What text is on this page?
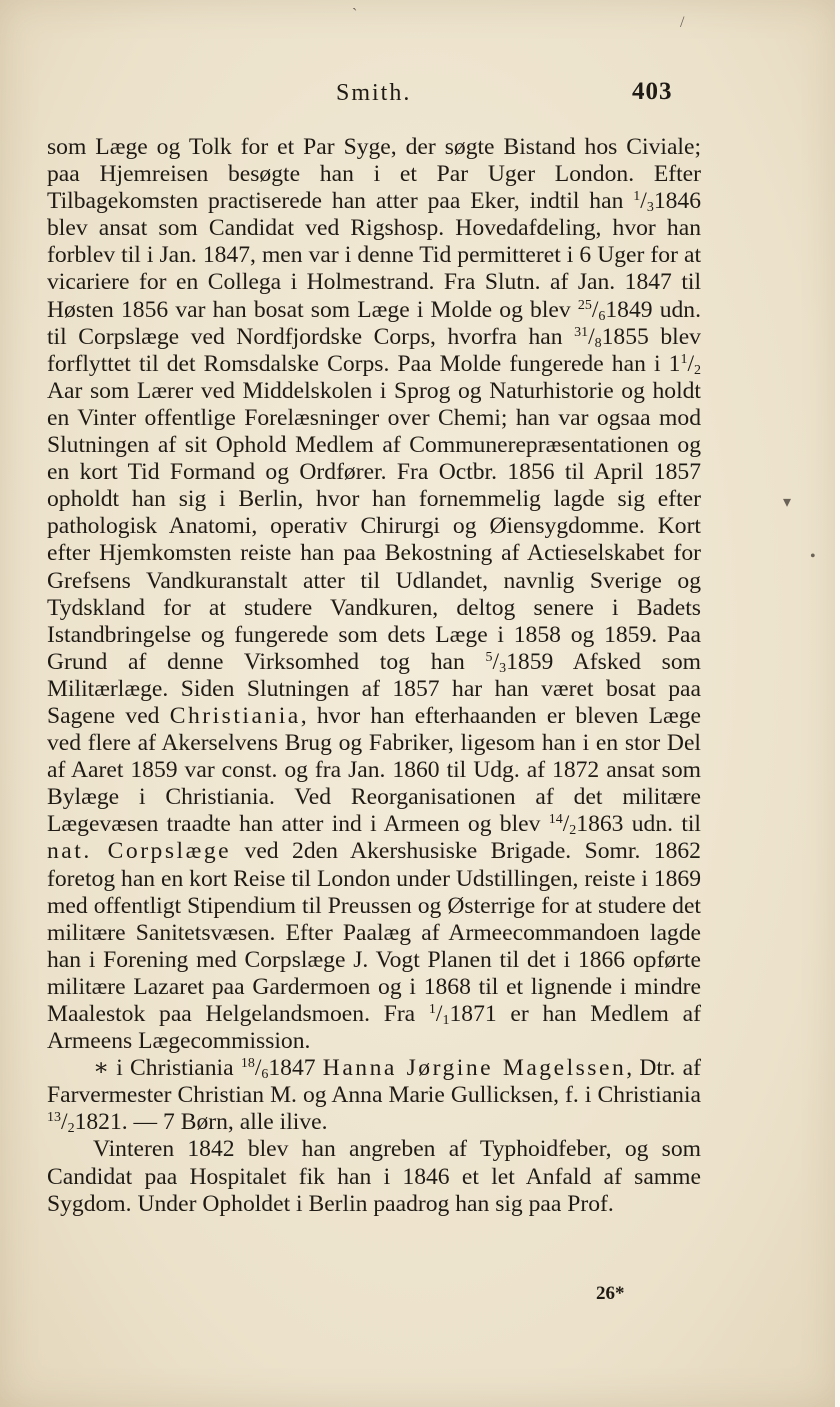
`	/
▾
•
Smith.	403

som Læge og Tolk for et Par Syge, der søgte Bistand hos Civiale; paa Hjemreisen besøgte han i et Par Uger London. Efter Tilbagekomsten practiserede han atter paa Eker, indtil han $^1/_31846$ blev ansat som Candidat ved Rigshosp. Hovedafdeling, hvor han forblev til i Jan. 1847, men var i denne Tid permitteret i 6 Uger for at vicariere for en Collega i Holmestrand. Fra Slutn. af Jan. 1847 til Høsten 1856 var han bosat som Læge i Molde og blev $^{25}/_61849$ udn. til Corpslæge ved Nordfjordske Corps, hvorfra han $^{31}/_81855$ blev forflyttet til det Romsdalske Corps. Paa Molde fungerede han i $1^1/_2$ Aar som Lærer ved Middelskolen i Sprog og Naturhistorie og holdt en Vinter offentlige Forelæsninger over Chemi; han var ogsaa mod Slutningen af sit Ophold Medlem af Communerepræsentationen og en kort Tid Formand og Ordfører. Fra Octbr. 1856 til April 1857 opholdt han sig i Berlin, hvor han fornemmelig lagde sig efter pathologisk Anatomi, operativ Chirurgi og Øiensygdomme. Kort efter Hjemkomsten reiste han paa Bekostning af Actieselskabet for Grefsens Vandkuranstalt atter til Udlandet, navnlig Sverige og Tydskland for at studere Vandkuren, deltog senere i Badets Istandbringelse og fungerede som dets Læge i 1858 og 1859. Paa Grund af denne Virksomhed tog han $^5/_31859$ Afsked som Militærlæge. Siden Slutningen af 1857 har han været bosat paa Sagene ved Christiania, hvor han efterhaanden er bleven Læge ved flere af Akerselvens Brug og Fabriker, ligesom han i en stor Del af Aaret 1859 var const. og fra Jan. 1860 til Udg. af 1872 ansat som Bylæge i Christiania. Ved Reorganisationen af det militære Lægevæsen traadte han atter ind i Armeen og blev $^{14}/_21863$ udn. til nat. Corpslæge ved 2den Akershusiske Brigade. Somr. 1862 foretog han en kort Reise til London under Udstillingen, reiste i 1869 med offentligt Stipendium til Preussen og Østerrige for at studere det militære Sanitetsvæsen. Efter Paalæg af Armeecommandoen lagde han i Forening med Corpslæge J. Vogt Planen til det i 1866 opførte militære Lazaret paa Gardermoen og i 1868 til et lignende i mindre Maalestok paa Helgelandsmoen. Fra $^1/_11871$ er han Medlem af Armeens Lægecommission.

∗ i Christiania $^{18}/_61847$ Hanna Jørgine Magelssen, Dtr. af Farvermester Christian M. og Anna Marie Gullicksen, f. i Christiania $^{13}/_21821$. — 7 Børn, alle ilive.

Vinteren 1842 blev han angreben af Typhoidfeber, og som Candidat paa Hospitalet fik han i 1846 et let Anfald af samme Sygdom. Under Opholdet i Berlin paadrog han sig paa Prof.

26*
